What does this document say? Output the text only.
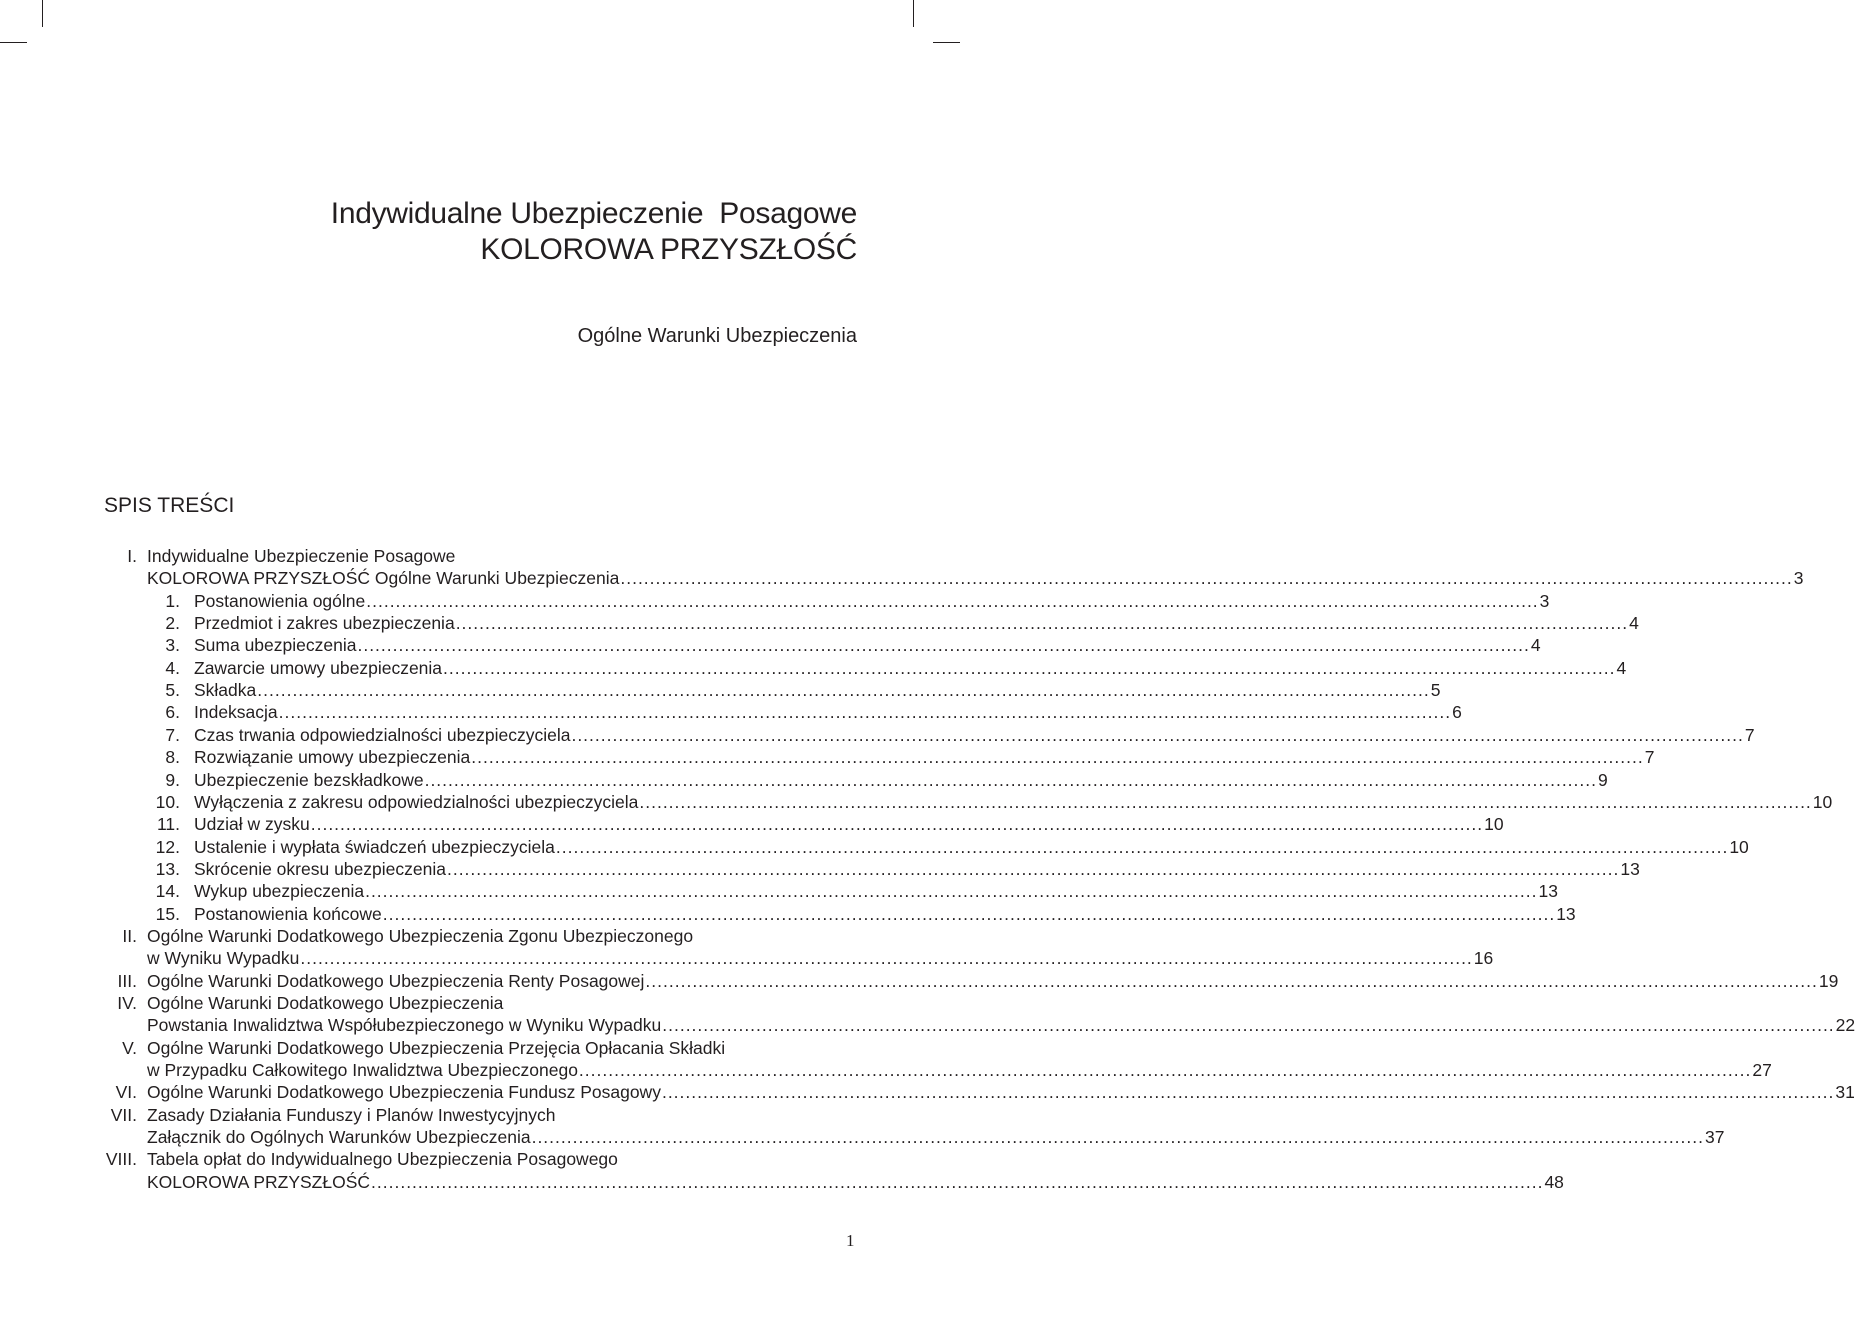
Indywidualne Ubezpieczenie  Posagowe
KOLOROWA PRZYSZŁOŚĆ
Ogólne Warunki Ubezpieczenia
SPIS TREŚCI
I. Indywidualne Ubezpieczenie Posagowe
KOLOROWA PRZYSZŁOŚĆ Ogólne Warunki Ubezpieczenia ........................................................................................................................................................................................................ 3
1. Postanowienia ogólne ........................................................................................................................................................................................................ 3
2. Przedmiot i zakres ubezpieczenia ........................................................................................................................................................................................................ 4
3. Suma ubezpieczenia ........................................................................................................................................................................................................ 4
4. Zawarcie umowy ubezpieczenia ........................................................................................................................................................................................................ 4
5. Składka ........................................................................................................................................................................................................ 5
6. Indeksacja ........................................................................................................................................................................................................ 6
7. Czas trwania odpowiedzialności ubezpieczyciela ........................................................................................................................................................................................................ 7
8. Rozwiązanie umowy ubezpieczenia ........................................................................................................................................................................................................ 7
9. Ubezpieczenie bezskładkowe ........................................................................................................................................................................................................ 9
10. Wyłączenia z zakresu odpowiedzialności ubezpieczyciela ........................................................................................................................................................................................................ 10
11. Udział w zysku ........................................................................................................................................................................................................ 10
12. Ustalenie i wypłata świadczeń ubezpieczyciela ........................................................................................................................................................................................................ 10
13. Skrócenie okresu ubezpieczenia ........................................................................................................................................................................................................ 13
14. Wykup ubezpieczenia ........................................................................................................................................................................................................ 13
15. Postanowienia końcowe ........................................................................................................................................................................................................ 13
II. Ogólne Warunki Dodatkowego Ubezpieczenia Zgonu Ubezpieczonego
w Wyniku Wypadku ........................................................................................................................................................................................................ 16
III. Ogólne Warunki Dodatkowego Ubezpieczenia Renty Posagowej ........................................................................................................................................................................................................ 19
IV. Ogólne Warunki Dodatkowego Ubezpieczenia
Powstania Inwalidztwa Współubezpieczonego w Wyniku Wypadku ........................................................................................................................................................................................................ 22
V. Ogólne Warunki Dodatkowego Ubezpieczenia Przejęcia Opłacania Składki
w Przypadku Całkowitego Inwalidztwa Ubezpieczonego ........................................................................................................................................................................................................ 27
VI. Ogólne Warunki Dodatkowego Ubezpieczenia Fundusz Posagowy ........................................................................................................................................................................................................ 31
VII. Zasady Działania Funduszy i Planów Inwestycyjnych
Załącznik do Ogólnych Warunków Ubezpieczenia ........................................................................................................................................................................................................ 37
VIII. Tabela opłat do Indywidualnego Ubezpieczenia Posagowego
KOLOROWA PRZYSZŁOŚĆ ........................................................................................................................................................................................................ 48
1
